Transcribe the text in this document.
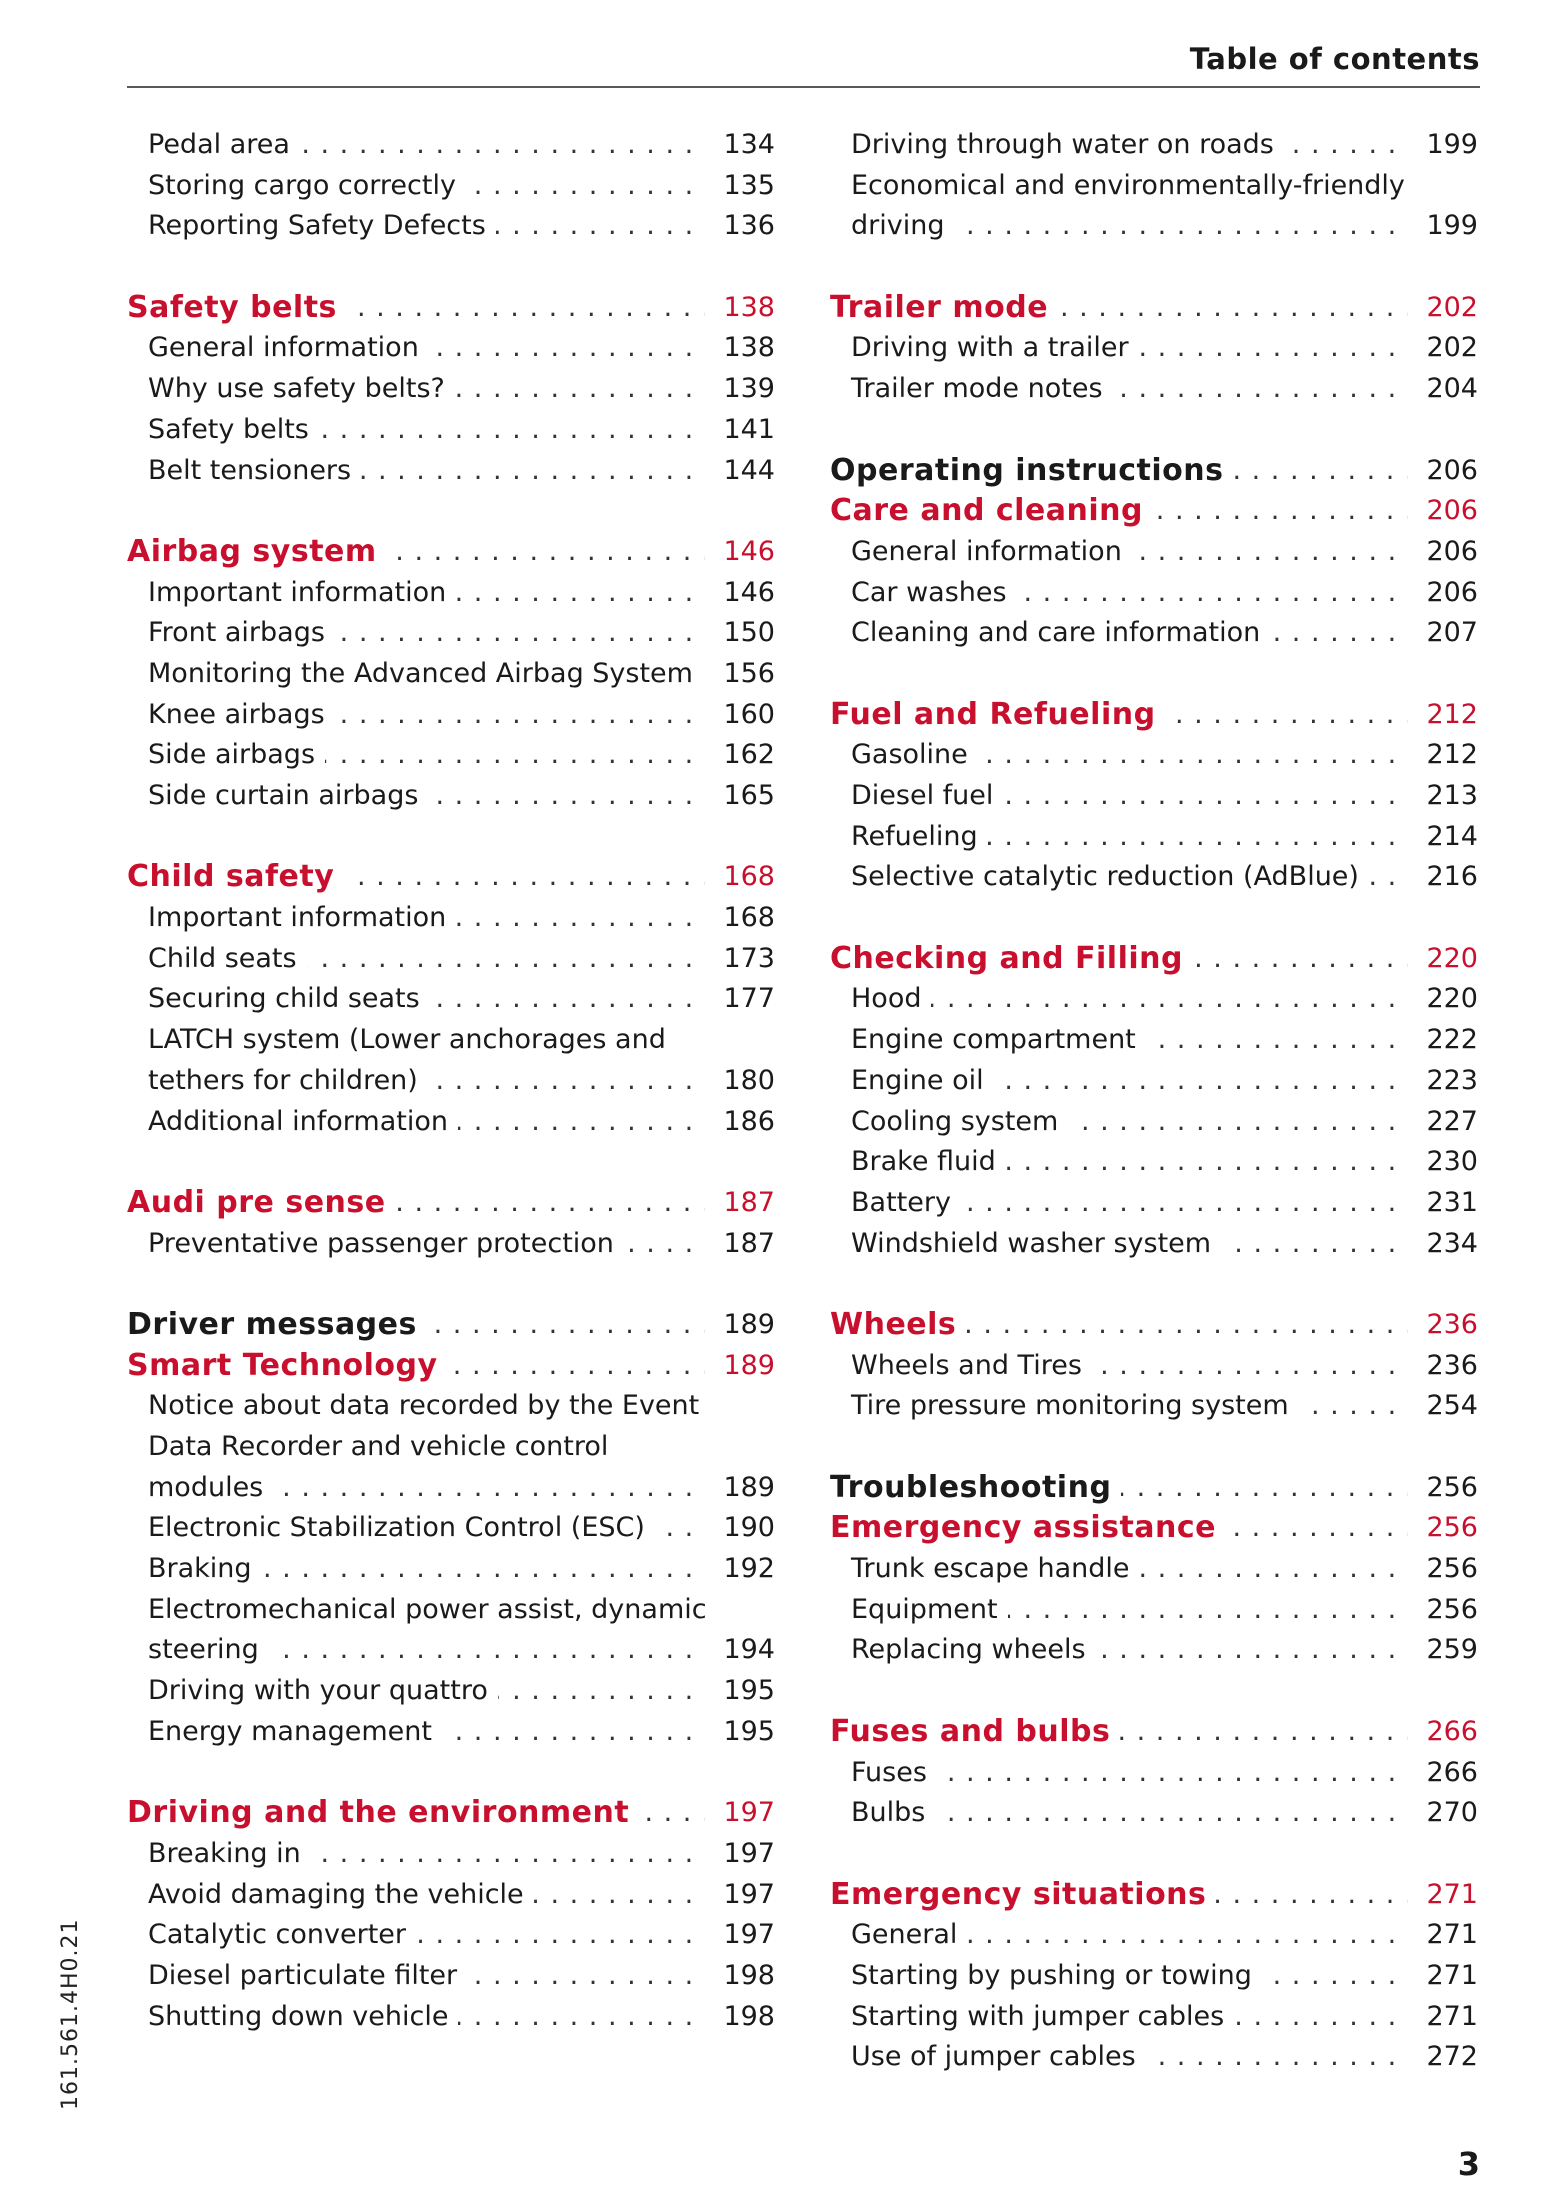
Table of contents
. . .
Pedal area	134
. . .
Storing cargo correctly	135
. . .
Reporting Safety Defects	136
. . .
Safety belts	138
. . .
General information	138
. . .
Why use safety belts?	139
. . .
Safety belts	141
. . .
Belt tensioners	144
. . .
Airbag system	146
. . .
Important information	146
. . .
Front airbags	150
. . .
Monitoring the Advanced Airbag System	156
. . .
Knee airbags	160
. . .
Side airbags	162
. . .
Side curtain airbags	165
. . .
Child safety	168
. . .
Important information	168
. . .
Child seats	173
. . .
Securing child seats	177
LATCH system (Lower anchorages and
. . .
tethers for children)	180
. . .
Additional information	186
. . .
Audi pre sense	187
. . .
Preventative passenger protection	187
. . .
Driver messages	189
. . .
Smart Technology	189
Notice about data recorded by the Event
Data Recorder and vehicle control
. . .
modules	189
. . .
Electronic Stabilization Control (ESC)	190
. . .
Braking	192
Electromechanical power assist, dynamic
. . .
steering	194
. . .
Driving with your quattro	195
. . .
Energy management	195
. . .
Driving and the environment	197
. . .
Breaking in	197
. . .
Avoid damaging the vehicle	197
. . .
Catalytic converter	197
. . .
Diesel particulate filter	198
. . .
Shutting down vehicle	198
. . .
Driving through water on roads	199
Economical and environmentally-friendly
. . .
driving	199
. . .
Trailer mode	202
. . .
Driving with a trailer	202
. . .
Trailer mode notes	204
. . .
Operating instructions	206
. . .
Care and cleaning	206
. . .
General information	206
. . .
Car washes	206
. . .
Cleaning and care information	207
. . .
Fuel and Refueling	212
. . .
Gasoline	212
. . .
Diesel fuel	213
. . .
Refueling	214
. . .
Selective catalytic reduction (AdBlue)	216
. . .
Checking and Filling	220
. . .
Hood	220
. . .
Engine compartment	222
. . .
Engine oil	223
. . .
Cooling system	227
. . .
Brake fluid	230
. . .
Battery	231
. . .
Windshield washer system	234
. . .
Wheels	236
. . .
Wheels and Tires	236
. . .
Tire pressure monitoring system	254
. . .
Troubleshooting	256
. . .
Emergency assistance	256
. . .
Trunk escape handle	256
. . .
Equipment	256
. . .
Replacing wheels	259
. . .
Fuses and bulbs	266
. . .
Fuses	266
. . .
Bulbs	270
. . .
Emergency situations	271
. . .
General	271
. . .
Starting by pushing or towing	271
. . .
Starting with jumper cables	271
. . .
Use of jumper cables	272
161.561.4H0.21
3
